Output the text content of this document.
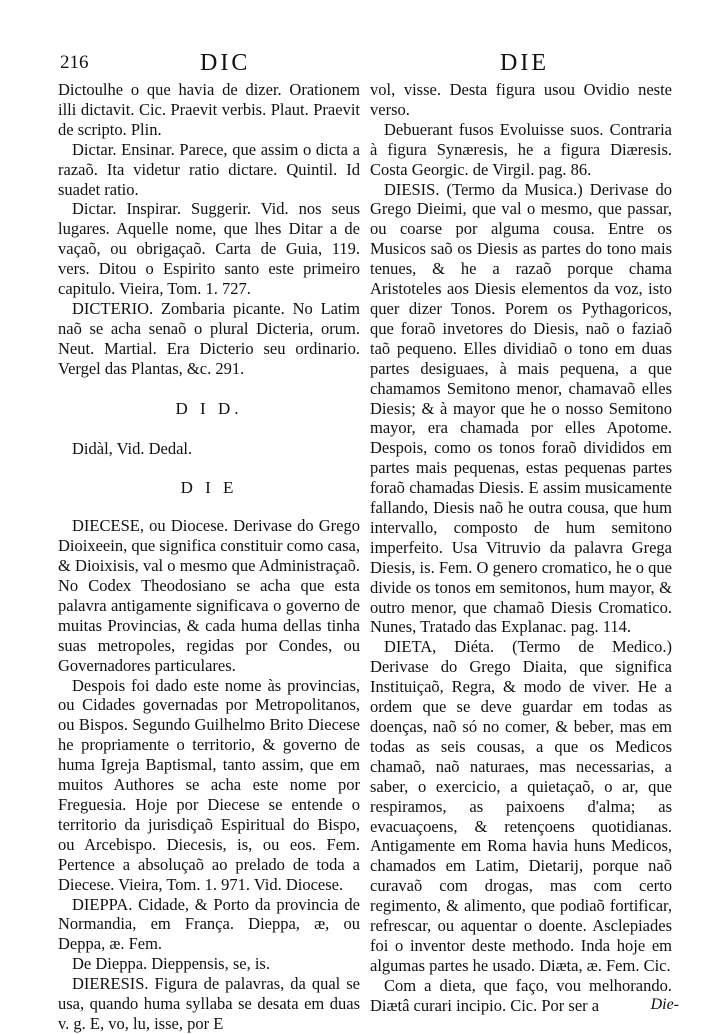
216	DIC	DIE

Dictoulhe o que havia de dizer. Orationem illi dictavit. Cic. Praevit verbis. Plaut. Praevit de scripto. Plin.

Dictar. Ensinar. Parece, que assim o dicta a razaõ. Ita videtur ratio dictare. Quintil. Id suadet ratio.

Dictar. Inspirar. Suggerir. Vid. nos seus lugares. Aquelle nome, que lhes Ditar a de vaçaõ, ou obrigaçaõ. Carta de Guia, 119. vers. Ditou o Espirito santo este primeiro capitulo. Vieira, Tom. 1. 727.

DICTERIO. Zombaria picante. No Latim naõ se acha senaõ o plural Dicteria, orum. Neut. Martial. Era Dicterio seu ordinario. Vergel das Plantas, &c. 291.

D I D.

Didàl, Vid. Dedal.

D I E

DIECESE, ou Diocese. Derivase do Grego Dioixeein, que significa constituir como casa, & Dioixisis, val o mesmo que Administraçaõ. No Codex Theodosiano se acha que esta palavra antigamente significava o governo de muitas Provincias, & cada huma dellas tinha suas metropoles, regidas por Condes, ou Governadores particulares.

Despois foi dado este nome às provincias, ou Cidades governadas por Metropolitanos, ou Bispos. Segundo Guilhelmo Brito Diecese he propriamente o territorio, & governo de huma Igreja Baptismal, tanto assim, que em muitos Authores se acha este nome por Freguesia. Hoje por Diecese se entende o territorio da jurisdiçaõ Espiritual do Bispo, ou Arcebispo. Diecesis, is, ou eos. Fem. Pertence a absoluçaõ ao prelado de toda a Diecese. Vieira, Tom. 1. 971. Vid. Diocese.

DIEPPA. Cidade, & Porto da provincia de Normandia, em França. Dieppa, æ, ou Deppa, æ. Fem.

De Dieppa. Dieppensis, se, is.

DIERESIS. Figura de palavras, da qual se usa, quando huma syllaba se desata em duas v. g. E, vo, lu, isse, por E

vol, visse. Desta figura usou Ovidio neste verso.

Debuerant fusos Evoluisse suos. Contraria à figura Synæresis, he a figura Diæresis. Costa Georgic. de Virgil. pag. 86.

DIESIS. (Termo da Musica.) Derivase do Grego Dieimi, que val o mesmo, que passar, ou coarse por alguma cousa. Entre os Musicos saõ os Diesis as partes do tono mais tenues, & he a razaõ porque chama Aristoteles aos Diesis elementos da voz, isto quer dizer Tonos. Porem os Pythagoricos, que foraõ invetores do Diesis, naõ o faziaõ taõ pequeno. Elles dividiaõ o tono em duas partes desiguaes, à mais pequena, a que chamamos Semitono menor, chamavaõ elles Diesis; & à mayor que he o nosso Semitono mayor, era chamada por elles Apotome. Despois, como os tonos foraõ divididos em partes mais pequenas, estas pequenas partes foraõ chamadas Diesis. E assim musicamente fallando, Diesis naõ he outra cousa, que hum intervallo, composto de hum semitono imperfeito. Usa Vitruvio da palavra Grega Diesis, is. Fem. O genero cromatico, he o que divide os tonos em semitonos, hum mayor, & outro menor, que chamaõ Diesis Cromatico. Nunes, Tratado das Explanac. pag. 114.

DIETA, Diéta. (Termo de Medico.) Derivase do Grego Diaita, que significa Instituiçaõ, Regra, & modo de viver. He a ordem que se deve guardar em todas as doenças, naõ só no comer, & beber, mas em todas as seis cousas, a que os Medicos chamaõ, naõ naturaes, mas necessarias, a saber, o exercicio, a quietaçaõ, o ar, que respiramos, as paixoens d'alma; as evacuaçoens, & retençoens quotidianas. Antigamente em Roma havia huns Medicos, chamados em Latim, Dietarij, porque naõ curavaõ com drogas, mas com certo regimento, & alimento, que podiaõ fortificar, refrescar, ou aquentar o doente. Asclepiades foi o inventor deste methodo. Inda hoje em algumas partes he usado. Diæta, æ. Fem. Cic.

Com a dieta, que faço, vou melhorando. Diætâ curari incipio. Cic. Por ser a	Die-
